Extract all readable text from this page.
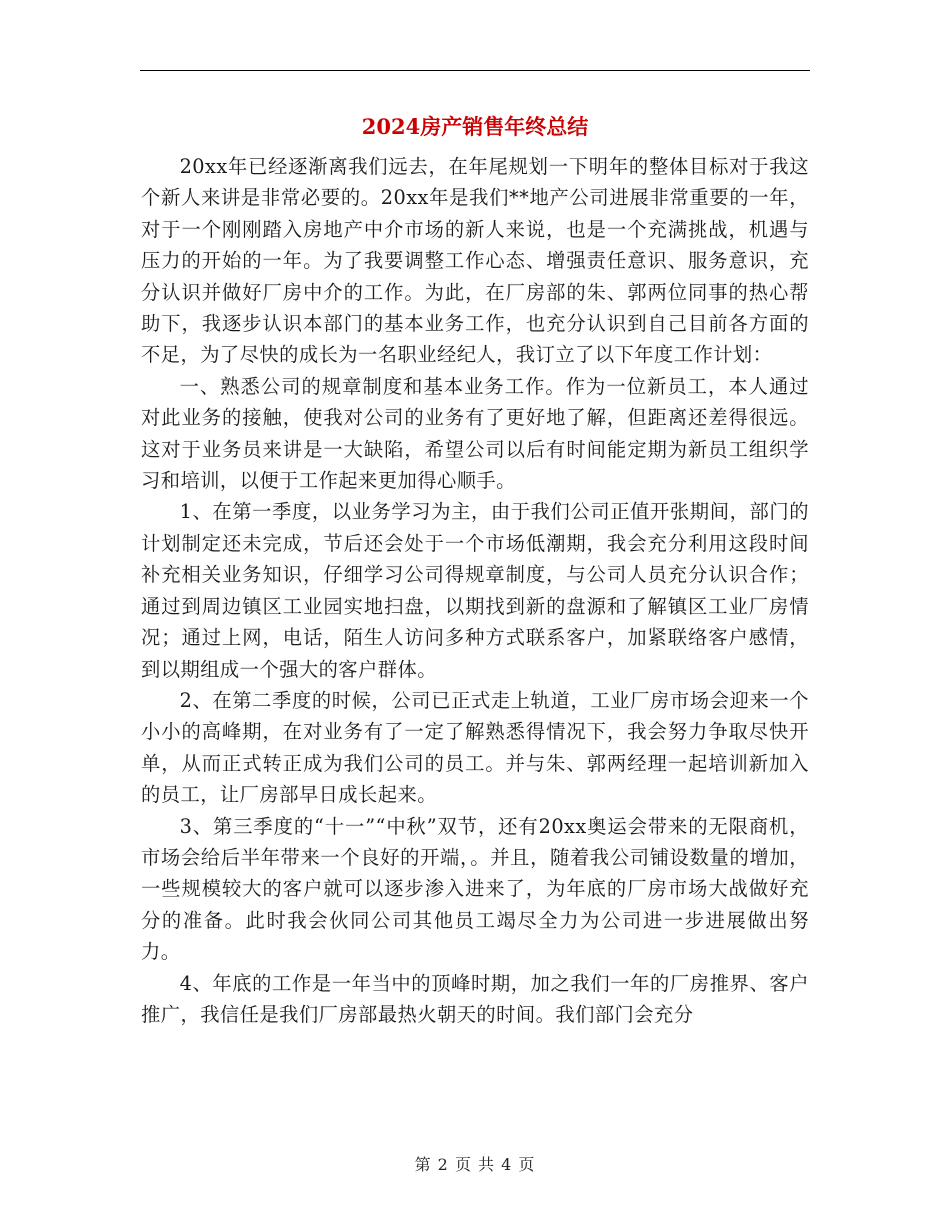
2024房产销售年终总结

20xx年已经逐渐离我们远去，在年尾规划一下明年的整体目标对于我这个新人来讲是非常必要的。20xx年是我们**地产公司进展非常重要的一年，对于一个刚刚踏入房地产中介市场的新人来说，也是一个充满挑战，机遇与压力的开始的一年。为了我要调整工作心态、增强责任意识、服务意识，充分认识并做好厂房中介的工作。为此，在厂房部的朱、郭两位同事的热心帮助下，我逐步认识本部门的基本业务工作，也充分认识到自己目前各方面的不足，为了尽快的成长为一名职业经纪人，我订立了以下年度工作计划：

一、熟悉公司的规章制度和基本业务工作。作为一位新员工，本人通过对此业务的接触，使我对公司的业务有了更好地了解，但距离还差得很远。这对于业务员来讲是一大缺陷，希望公司以后有时间能定期为新员工组织学习和培训，以便于工作起来更加得心顺手。

1、在第一季度，以业务学习为主，由于我们公司正值开张期间，部门的计划制定还未完成，节后还会处于一个市场低潮期，我会充分利用这段时间补充相关业务知识，仔细学习公司得规章制度，与公司人员充分认识合作；通过到周边镇区工业园实地扫盘，以期找到新的盘源和了解镇区工业厂房情况；通过上网，电话，陌生人访问多种方式联系客户，加紧联络客户感情，到以期组成一个强大的客户群体。

2、在第二季度的时候，公司已正式走上轨道，工业厂房市场会迎来一个小小的高峰期，在对业务有了一定了解熟悉得情况下，我会努力争取尽快开单，从而正式转正成为我们公司的员工。并与朱、郭两经理一起培训新加入的员工，让厂房部早日成长起来。

3、第三季度的“十一”“中秋”双节，还有20xx奥运会带来的无限商机，市场会给后半年带来一个良好的开端，。并且，随着我公司铺设数量的增加，一些规模较大的客户就可以逐步渗入进来了，为年底的厂房市场大战做好充分的准备。此时我会伙同公司其他员工竭尽全力为公司进一步进展做出努力。

4、年底的工作是一年当中的顶峰时期，加之我们一年的厂房推界、客户推广，我信任是我们厂房部最热火朝天的时间。我们部门会充分

第 2 页 共 4 页
